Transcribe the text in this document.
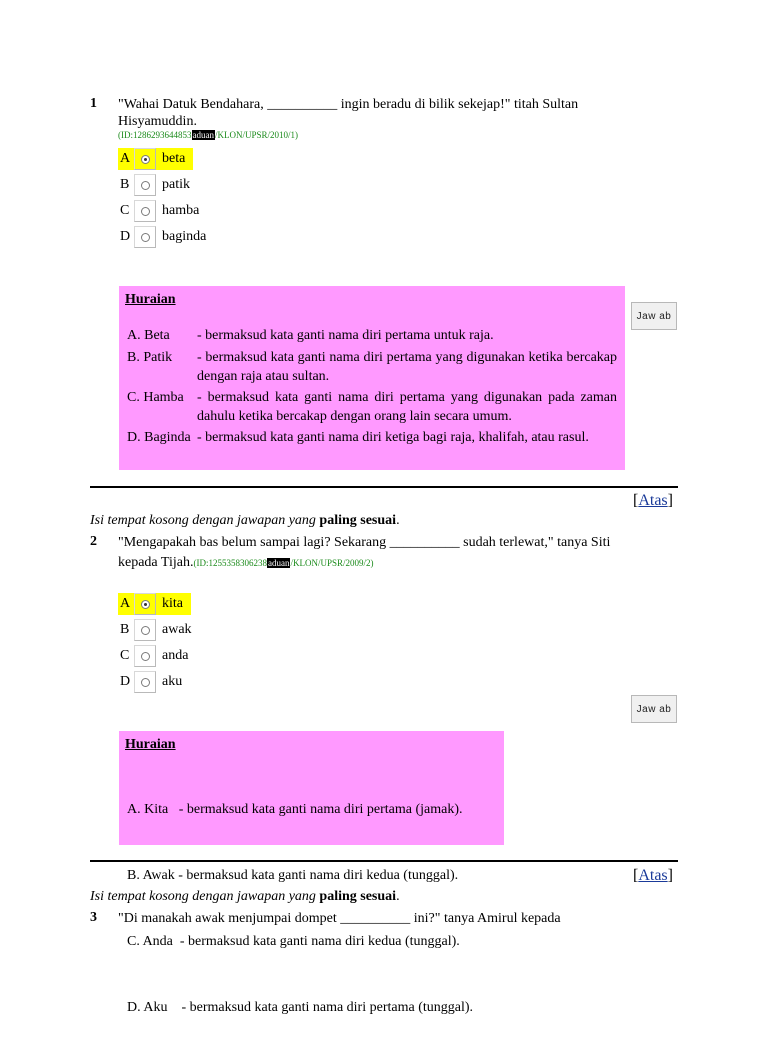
1 "Wahai Datuk Bendahara, __________ ingin beradu di bilik sekejap!" titah Sultan Hisyamuddin.
(ID:1286293644853aduan/KLON/UPSR/2010/1)
A	beta
B	patik
C	hamba
D	baginda
Huraian
A. Beta - bermaksud kata ganti nama diri pertama untuk raja.
B. Patik - bermaksud kata ganti nama diri pertama yang digunakan ketika bercakap dengan raja atau sultan.
C. Hamba - bermaksud kata ganti nama diri pertama yang digunakan pada zaman dahulu ketika bercakap dengan orang lain secara umum.
D. Baginda - bermaksud kata ganti nama diri ketiga bagi raja, khalifah, atau rasul.
Jaw ab
[Atas]
Isi tempat kosong dengan jawapan yang paling sesuai.
2 "Mengapakah bas belum sampai lagi? Sekarang __________ sudah terlewat," tanya Siti
kepada Tijah.(ID:1255358306238aduan/KLON/UPSR/2009/2)
A	kita
B	awak
C	anda
D	aku
Jaw ab
Huraian

A. Kita   - bermaksud kata ganti nama diri pertama (jamak).

B. Awak - bermaksud kata ganti nama diri kedua (tunggal).

C. Anda  - bermaksud kata ganti nama diri kedua (tunggal).

D. Aku    - bermaksud kata ganti nama diri pertama (tunggal).

[Atas]
Isi tempat kosong dengan jawapan yang paling sesuai.
3 "Di manakah awak menjumpai dompet __________ ini?" tanya Amirul kepada
